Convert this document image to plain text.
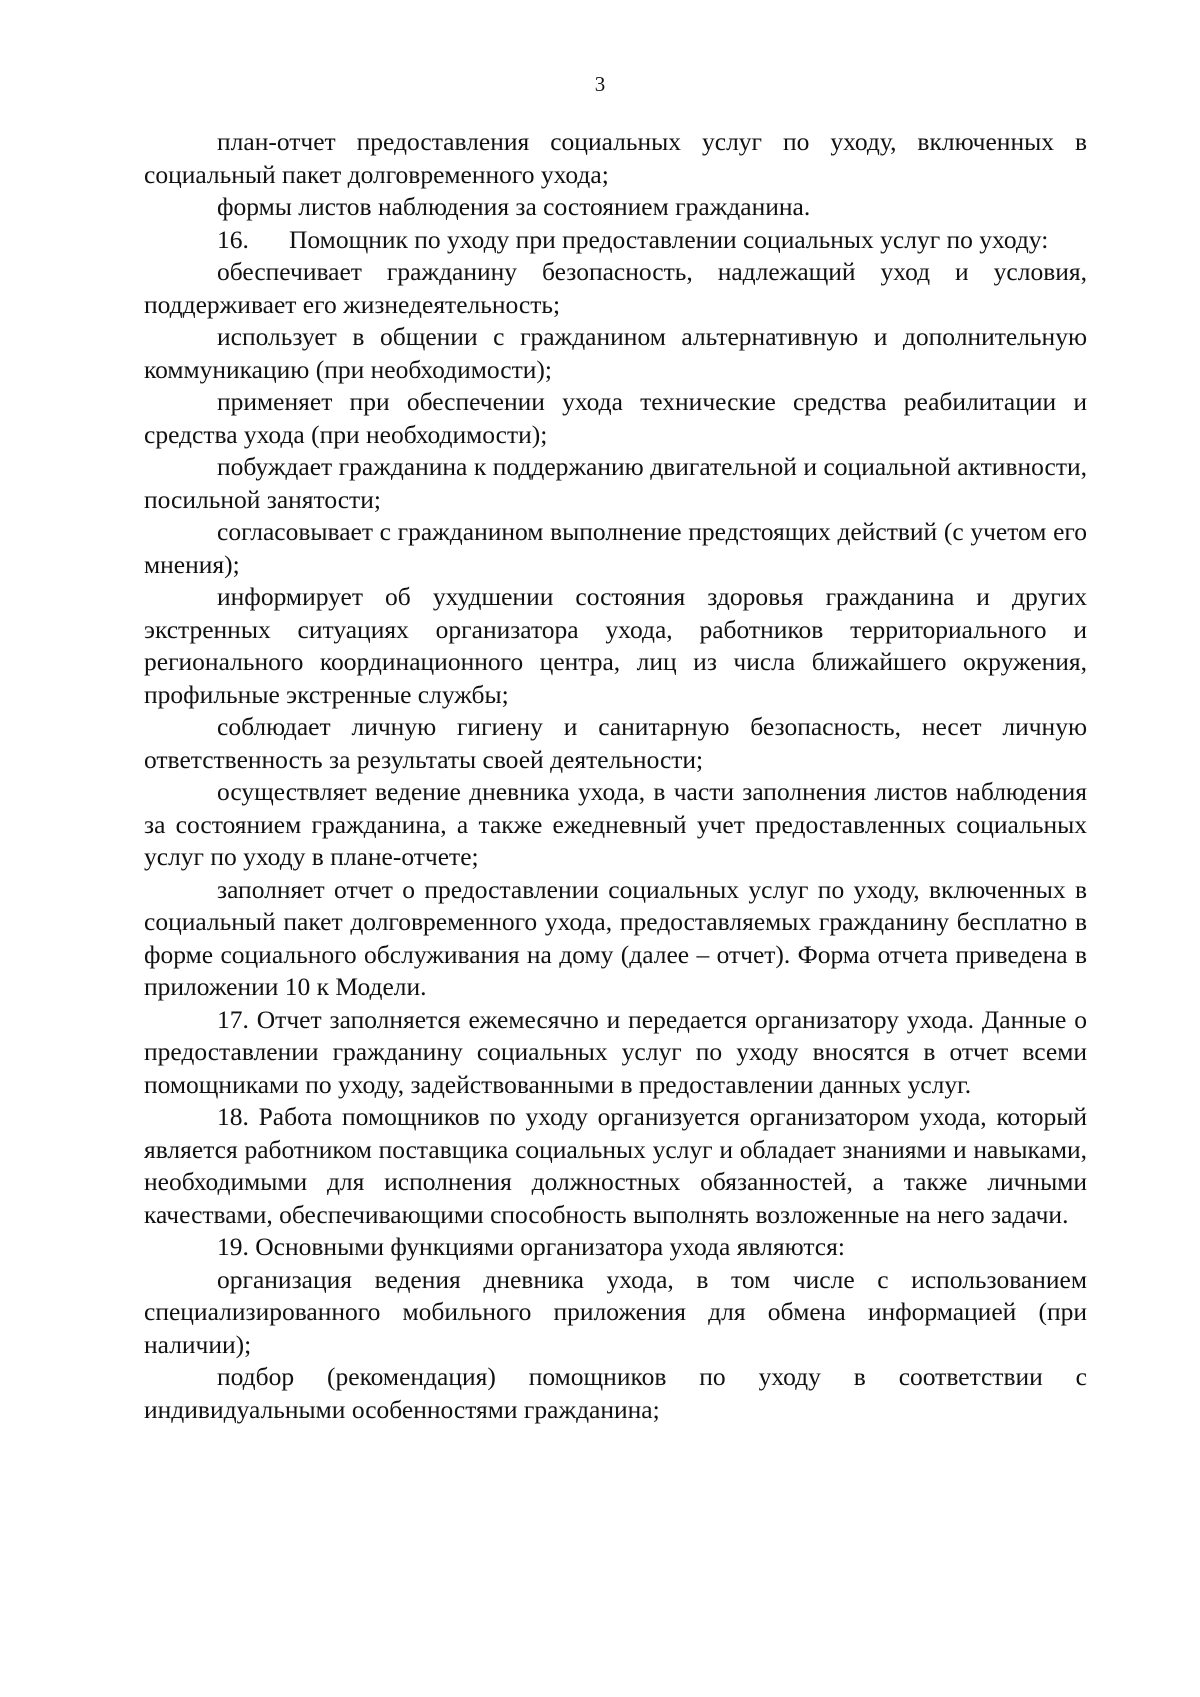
3

план-отчет предоставления социальных услуг по уходу, включенных в социальный пакет долговременного ухода;

формы листов наблюдения за состоянием гражданина.

16. Помощник по уходу при предоставлении социальных услуг по уходу:

обеспечивает гражданину безопасность, надлежащий уход и условия, поддерживает его жизнедеятельность;

использует в общении с гражданином альтернативную и дополнительную коммуникацию (при необходимости);

применяет при обеспечении ухода технические средства реабилитации и средства ухода (при необходимости);

побуждает гражданина к поддержанию двигательной и социальной активности, посильной занятости;

согласовывает с гражданином выполнение предстоящих действий (с учетом его мнения);

информирует об ухудшении состояния здоровья гражданина и других экстренных ситуациях организатора ухода, работников территориального и регионального координационного центра, лиц из числа ближайшего окружения, профильные экстренные службы;

соблюдает личную гигиену и санитарную безопасность, несет личную ответственность за результаты своей деятельности;

осуществляет ведение дневника ухода, в части заполнения листов наблюдения за состоянием гражданина, а также ежедневный учет предоставленных социальных услуг по уходу в плане-отчете;

заполняет отчет о предоставлении социальных услуг по уходу, включенных в социальный пакет долговременного ухода, предоставляемых гражданину бесплатно в форме социального обслуживания на дому (далее – отчет). Форма отчета приведена в приложении 10 к Модели.

17. Отчет заполняется ежемесячно и передается организатору ухода. Данные о предоставлении гражданину социальных услуг по уходу вносятся в отчет всеми помощниками по уходу, задействованными в предоставлении данных услуг.

18. Работа помощников по уходу организуется организатором ухода, который является работником поставщика социальных услуг и обладает знаниями и навыками, необходимыми для исполнения должностных обязанностей, а также личными качествами, обеспечивающими способность выполнять возложенные на него задачи.

19. Основными функциями организатора ухода являются:

организация ведения дневника ухода, в том числе с использованием специализированного мобильного приложения для обмена информацией (при наличии);

подбор (рекомендация) помощников по уходу в соответствии с индивидуальными особенностями гражданина;
